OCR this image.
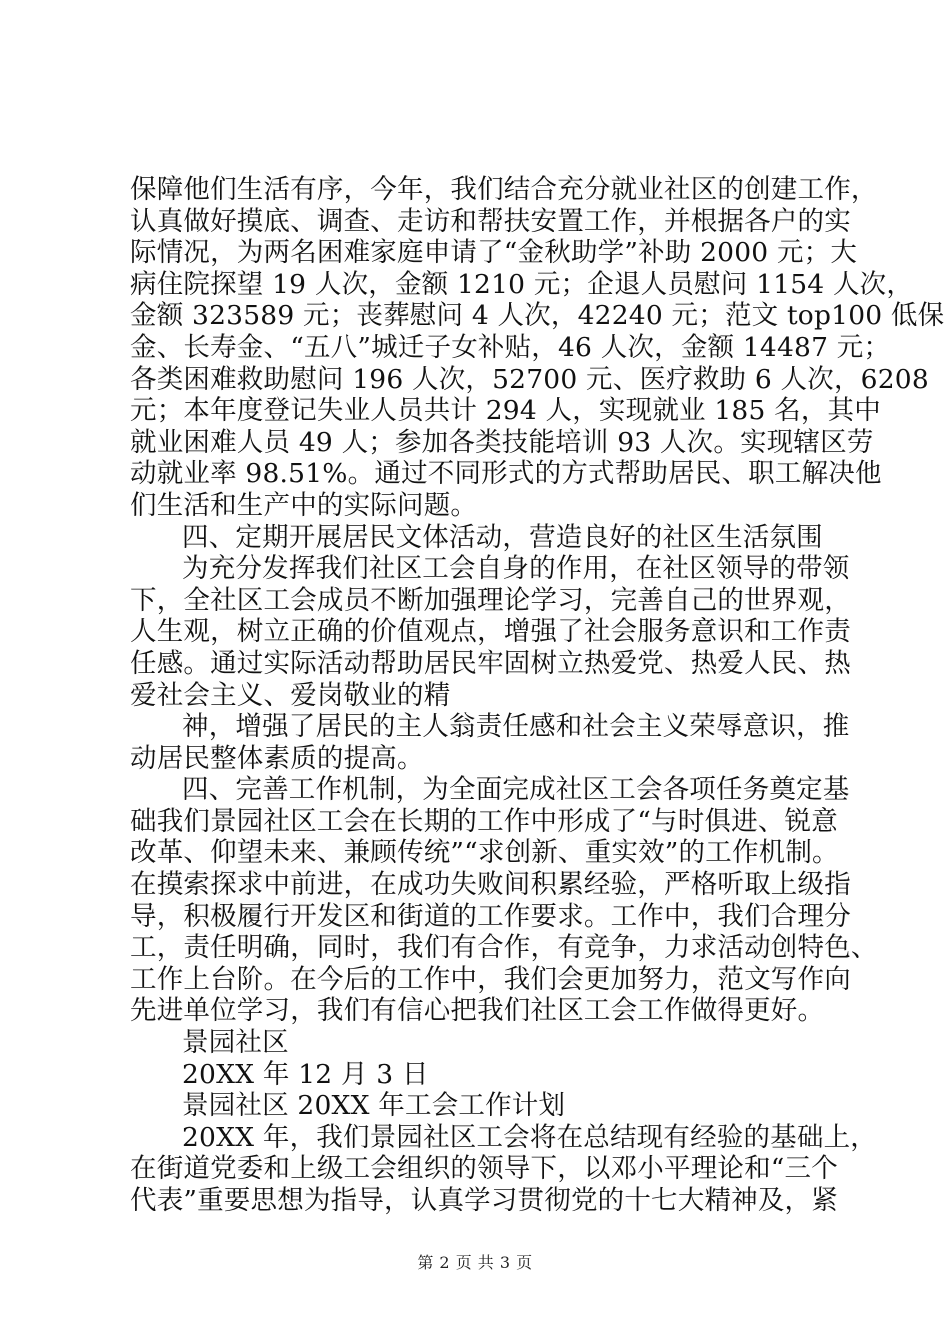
保障他们生活有序，今年，我们结合充分就业社区的创建工作，
认真做好摸底、调查、走访和帮扶安置工作，并根据各户的实
际情况，为两名困难家庭申请了“金秋助学”补助 2000 元；大
病住院探望 19 人次，金额 1210 元；企退人员慰问 1154 人次，
金额 323589 元；丧葬慰问 4 人次，42240 元；范文 top100 低保
金、长寿金、“五八”城迁子女补贴，46 人次，金额 14487 元；
各类困难救助慰问 196 人次，52700 元、医疗救助 6 人次，6208
元；本年度登记失业人员共计 294 人，实现就业 185 名，其中
就业困难人员 49 人；参加各类技能培训 93 人次。实现辖区劳
动就业率 98.51%。通过不同形式的方式帮助居民、职工解决他
们生活和生产中的实际问题。
四、定期开展居民文体活动，营造良好的社区生活氛围
为充分发挥我们社区工会自身的作用，在社区领导的带领
下，全社区工会成员不断加强理论学习，完善自己的世界观，
人生观，树立正确的价值观点，增强了社会服务意识和工作责
任感。通过实际活动帮助居民牢固树立热爱党、热爱人民、热
爱社会主义、爱岗敬业的精
神，增强了居民的主人翁责任感和社会主义荣辱意识，推
动居民整体素质的提高。
四、完善工作机制，为全面完成社区工会各项任务奠定基
础我们景园社区工会在长期的工作中形成了“与时俱进、锐意
改革、仰望未来、兼顾传统”“求创新、重实效”的工作机制。
在摸索探求中前进，在成功失败间积累经验，严格听取上级指
导，积极履行开发区和街道的工作要求。工作中，我们合理分
工，责任明确，同时，我们有合作，有竞争，力求活动创特色、
工作上台阶。在今后的工作中，我们会更加努力，范文写作向
先进单位学习，我们有信心把我们社区工会工作做得更好。
景园社区
20XX 年 12 月 3 日
景园社区 20XX 年工会工作计划
20XX 年，我们景园社区工会将在总结现有经验的基础上，
在街道党委和上级工会组织的领导下，以邓小平理论和“三个
代表”重要思想为指导，认真学习贯彻党的十七大精神及，紧
第 2 页 共 3 页
